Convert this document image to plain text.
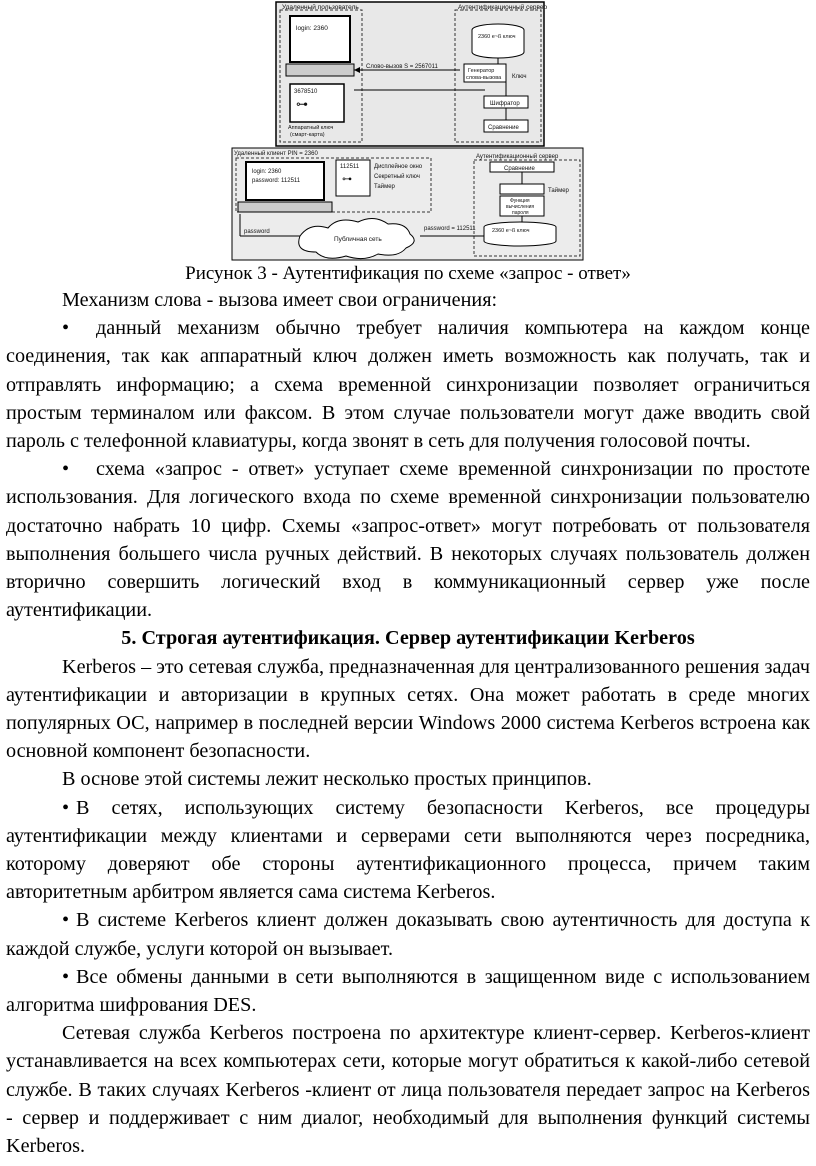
Удаленный пользователь	Аутентификационный сервер
login: 2360
3678510
⊶
Аппаратный ключ
(смарт-карта)
Слово-вызов S = 2567011
2360 e~ß ключ
Генератор
слова-вызова Ключ
Шифратор
Сравнение
Удаленный клиент PIN = 2360
login: 2360
password: 112511
112511
⊶
Дисплейное окно
Секретный ключ
Таймер
Аутентификационный сервер
Сравнение
Таймер
Функция
вычисления
пароля
2360 e~ß ключ
Публичная сеть
password	password = 112511
Рисунок 3 - Аутентификация по схеме «запрос - ответ»

Механизм слова - вызова имеет свои ограничения:

• данный механизм обычно требует наличия компьютера на каждом конце соединения, так как аппаратный ключ должен иметь возможность как получать, так и отправлять информацию; а схема временной синхронизации позволяет ограничиться простым терминалом или факсом. В этом случае пользователи могут даже вводить свой пароль с телефонной клавиатуры, когда звонят в сеть для получения голосовой почты.

• схема «запрос - ответ» уступает схеме временной синхронизации по простоте использования. Для логического входа по схеме временной синхронизации пользователю достаточно набрать 10 цифр. Схемы «запрос-ответ» могут потребовать от пользователя выполнения большего числа ручных действий. В некоторых случаях пользователь должен вторично совершить логический вход в коммуникационный сервер уже после аутентификации.

5. Строгая аутентификация. Сервер аутентификации Kerberos

Kerberos – это сетевая служба, предназначенная для централизованного решения задач аутентификации и авторизации в крупных сетях. Она может работать в среде многих популярных ОС, например в последней версии Windows 2000 система Kerberos встроена как основной компонент безопасности.

В основе этой системы лежит несколько простых принципов.

• В сетях, использующих систему безопасности Kerberos, все процедуры аутентификации между клиентами и серверами сети выполняются через посредника, которому доверяют обе стороны аутентификационного процесса, причем таким авторитетным арбитром является сама система Kerberos.

• В системе Kerberos клиент должен доказывать свою аутентичность для доступа к каждой службе, услуги которой он вызывает.

• Все обмены данными в сети выполняются в защищенном виде с использованием алгоритма шифрования DES.

Сетевая служба Kerberos построена по архитектуре клиент-сервер. Kerberos-клиент устанавливается на всех компьютерах сети, которые могут обратиться к какой-либо сетевой службе. В таких случаях Kerberos -клиент от лица пользователя передает запрос на Kerberos - сервер и поддерживает с ним диалог, необходимый для выполнения функций системы Kerberos.
